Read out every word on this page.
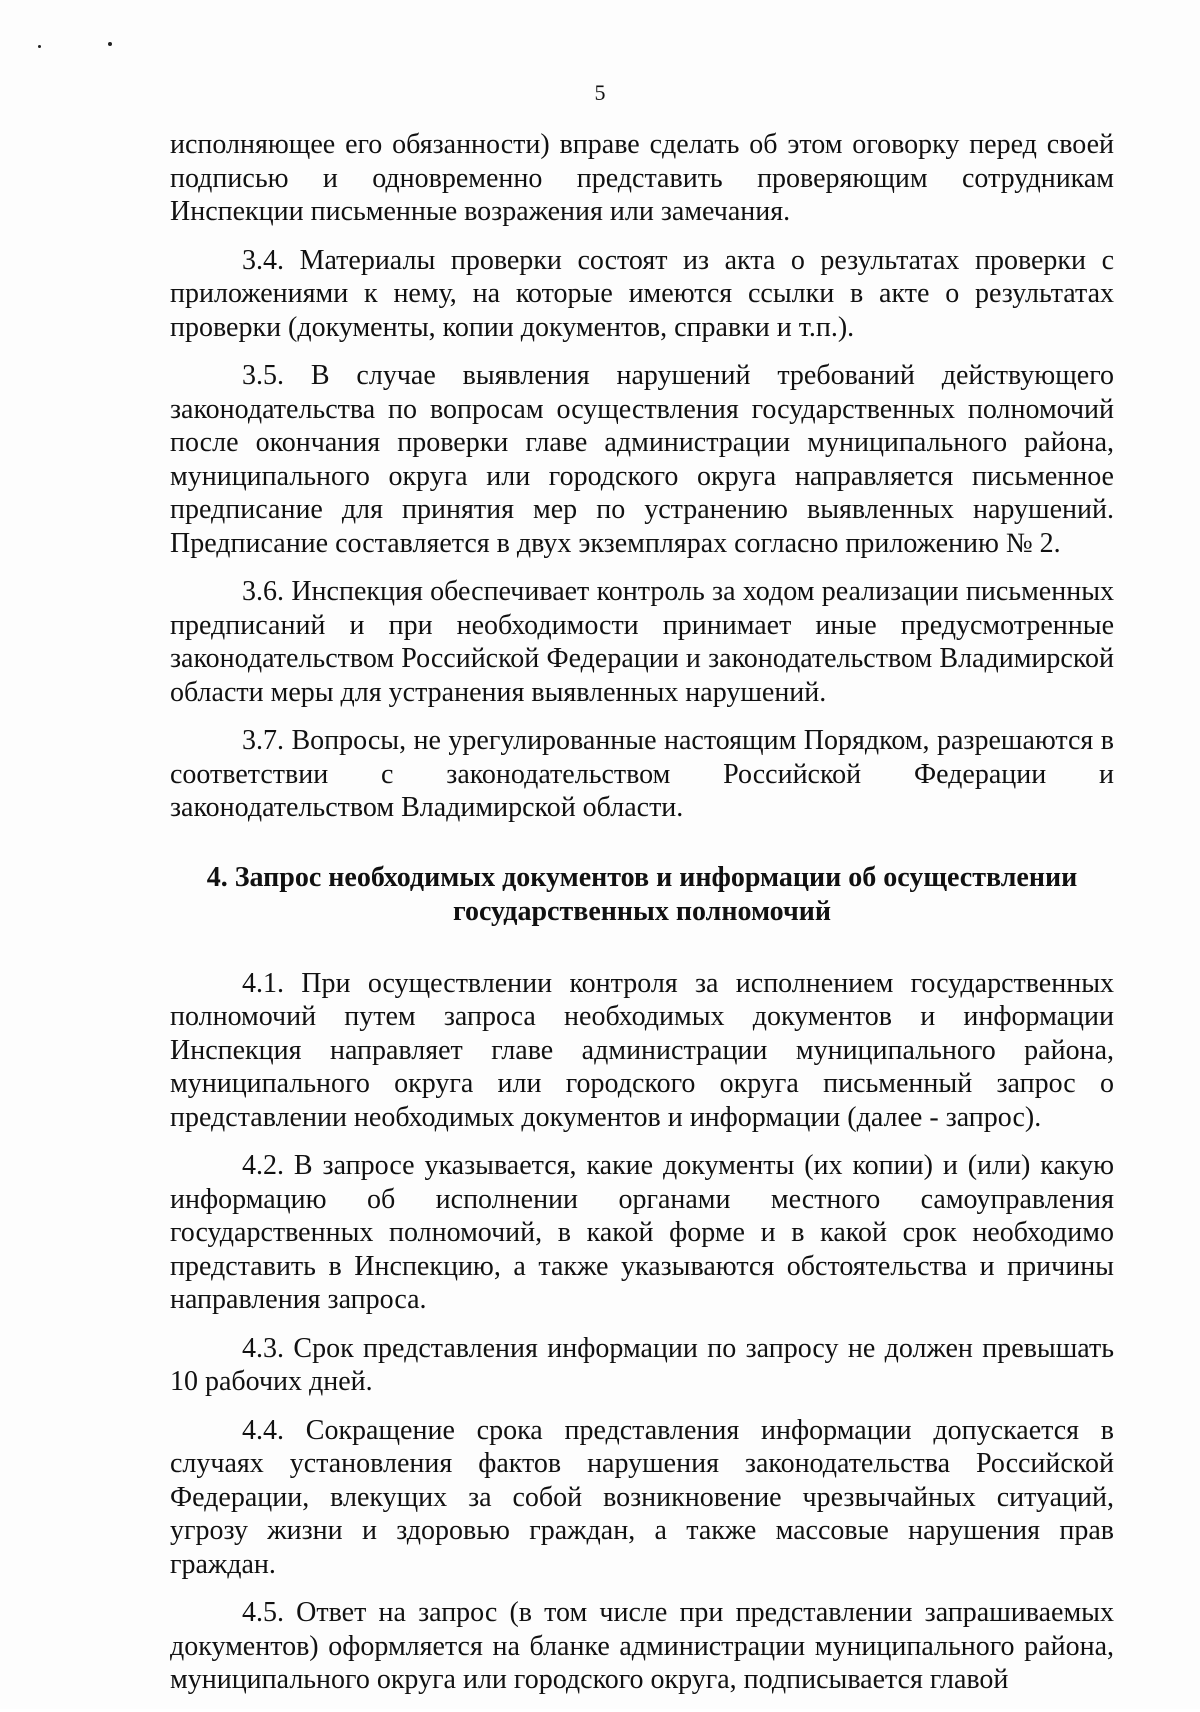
5

исполняющее его обязанности) вправе сделать об этом оговорку перед своей подписью и одновременно представить проверяющим сотрудникам Инспекции письменные возражения или замечания.

3.4. Материалы проверки состоят из акта о результатах проверки с приложениями к нему, на которые имеются ссылки в акте о результатах проверки (документы, копии документов, справки и т.п.).

3.5. В случае выявления нарушений требований действующего законодательства по вопросам осуществления государственных полномочий после окончания проверки главе администрации муниципального района, муниципального округа или городского округа направляется письменное предписание для принятия мер по устранению выявленных нарушений. Предписание составляется в двух экземплярах согласно приложению № 2.

3.6. Инспекция обеспечивает контроль за ходом реализации письменных предписаний и при необходимости принимает иные предусмотренные законодательством Российской Федерации и законодательством Владимирской области меры для устранения выявленных нарушений.

3.7. Вопросы, не урегулированные настоящим Порядком, разрешаются в соответствии с законодательством Российской Федерации и законодательством Владимирской области.

4. Запрос необходимых документов и информации об осуществлении
государственных полномочий

4.1. При осуществлении контроля за исполнением государственных полномочий путем запроса необходимых документов и информации Инспекция направляет главе администрации муниципального района, муниципального округа или городского округа письменный запрос о представлении необходимых документов и информации (далее - запрос).

4.2. В запросе указывается, какие документы (их копии) и (или) какую информацию об исполнении органами местного самоуправления государственных полномочий, в какой форме и в какой срок необходимо представить в Инспекцию, а также указываются обстоятельства и причины направления запроса.

4.3. Срок представления информации по запросу не должен превышать 10 рабочих дней.

4.4. Сокращение срока представления информации допускается в случаях установления фактов нарушения законодательства Российской Федерации, влекущих за собой возникновение чрезвычайных ситуаций, угрозу жизни и здоровью граждан, а также массовые нарушения прав граждан.

4.5. Ответ на запрос (в том числе при представлении запрашиваемых документов) оформляется на бланке администрации муниципального района, муниципального округа или городского округа, подписывается главой
